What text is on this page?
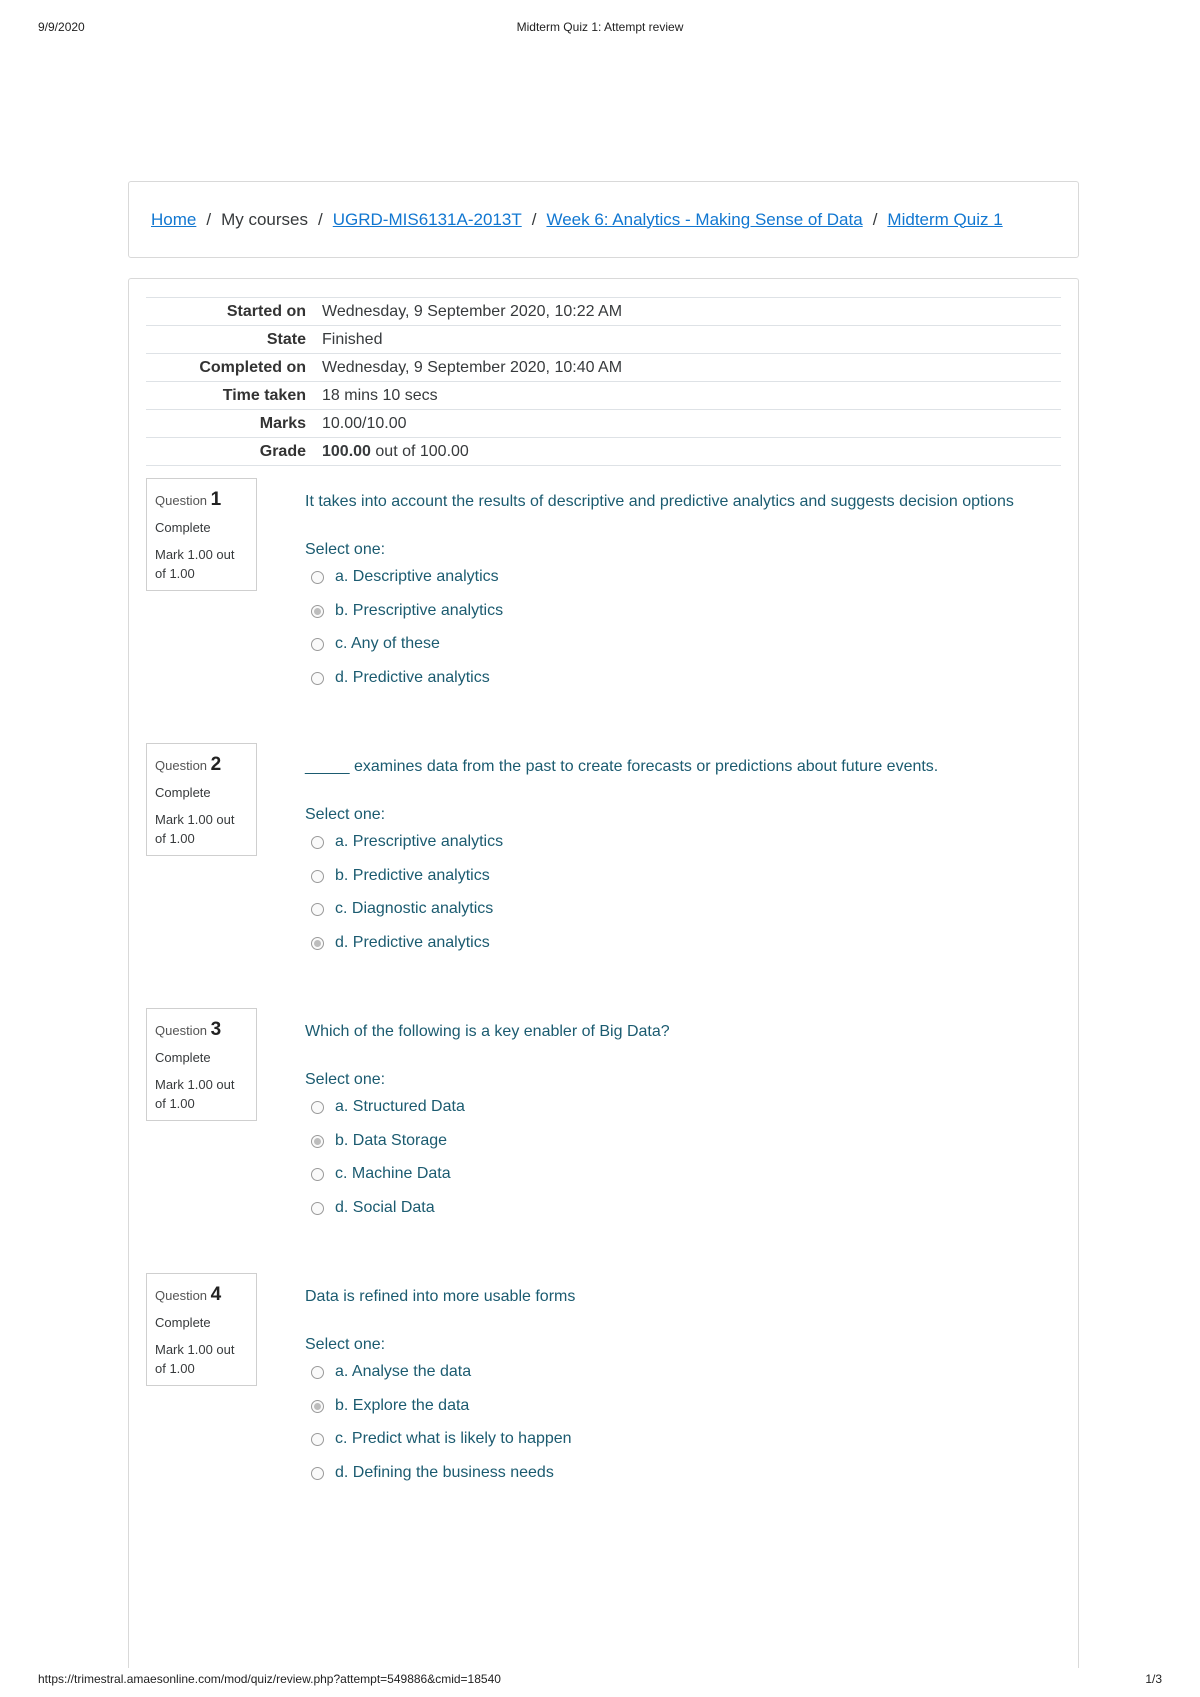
9/9/2020	Midterm Quiz 1: Attempt review
Home / My courses / UGRD-MIS6131A-2013T / Week 6: Analytics - Making Sense of Data / Midterm Quiz 1
Started on	Wednesday, 9 September 2020, 10:22 AM
State	Finished
Completed on	Wednesday, 9 September 2020, 10:40 AM
Time taken	18 mins 10 secs
Marks	10.00/10.00
Grade	100.00 out of 100.00
Question 1
Complete
Mark 1.00 out of 1.00
It takes into account the results of descriptive and predictive analytics and suggests decision options
Select one:
a. Descriptive analytics
b. Prescriptive analytics
c. Any of these
d. Predictive analytics
Question 2
Complete
Mark 1.00 out of 1.00
_____ examines data from the past to create forecasts or predictions about future events.
Select one:
a. Prescriptive analytics
b. Predictive analytics
c. Diagnostic analytics
d. Predictive analytics
Question 3
Complete
Mark 1.00 out of 1.00
Which of the following is a key enabler of Big Data?
Select one:
a. Structured Data
b. Data Storage
c. Machine Data
d. Social Data
Question 4
Complete
Mark 1.00 out of 1.00
Data is refined into more usable forms
Select one:
a. Analyse the data
b. Explore the data
c. Predict what is likely to happen
d. Defining the business needs
https://trimestral.amaesonline.com/mod/quiz/review.php?attempt=549886&cmid=18540	1/3
